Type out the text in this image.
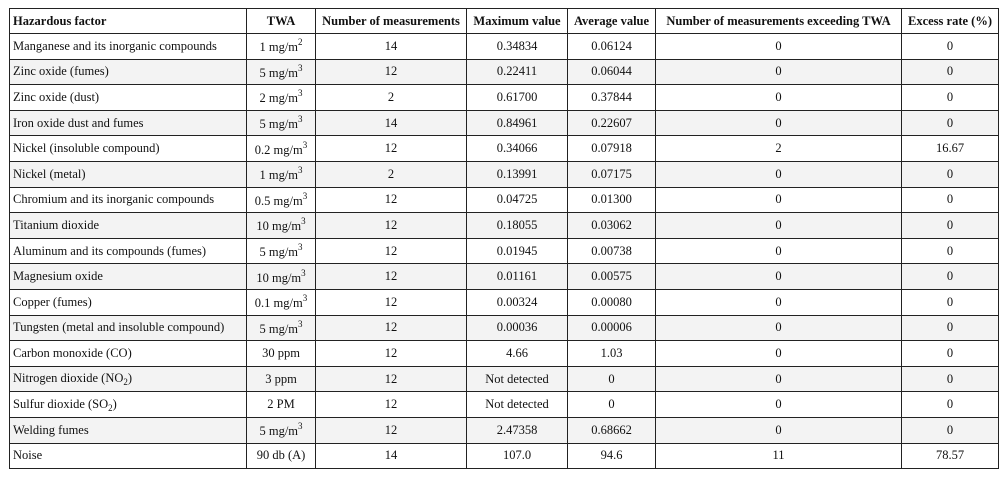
Hazardous factor	TWA	Number of measurements	Maximum value	Average value	Number of measurements exceeding TWA	Excess rate (%)
Manganese and its inorganic compounds	1 $mg/m^2$	14	0.34834	0.06124	0	0
Zinc oxide (fumes)	5 $mg/m^3$	12	0.22411	0.06044	0	0
Zinc oxide (dust)	2 $mg/m^3$	2	0.61700	0.37844	0	0
Iron oxide dust and fumes	5 $mg/m^3$	14	0.84961	0.22607	0	0
Nickel (insoluble compound)	0.2 $mg/m^3$	12	0.34066	0.07918	2	16.67
Nickel (metal)	1 $mg/m^3$	2	0.13991	0.07175	0	0
Chromium and its inorganic compounds	0.5 $mg/m^3$	12	0.04725	0.01300	0	0
Titanium dioxide	10 $mg/m^3$	12	0.18055	0.03062	0	0
Aluminum and its compounds (fumes)	5 $mg/m^3$	12	0.01945	0.00738	0	0
Magnesium oxide	10 $mg/m^3$	12	0.01161	0.00575	0	0
Copper (fumes)	0.1 $mg/m^3$	12	0.00324	0.00080	0	0
Tungsten (metal and insoluble compound)	5 $mg/m^3$	12	0.00036	0.00006	0	0
Carbon monoxide (CO)	30 ppm	12	4.66	1.03	0	0
Nitrogen dioxide $(NO_2)$	3 ppm	12	Not detected	0	0	0
Sulfur dioxide $(SO_2)$	2 PM	12	Not detected	0	0	0
Welding fumes	5 $mg/m^3$	12	2.47358	0.68662	0	0
Noise	90 db (A)	14	107.0	94.6	11	78.57
